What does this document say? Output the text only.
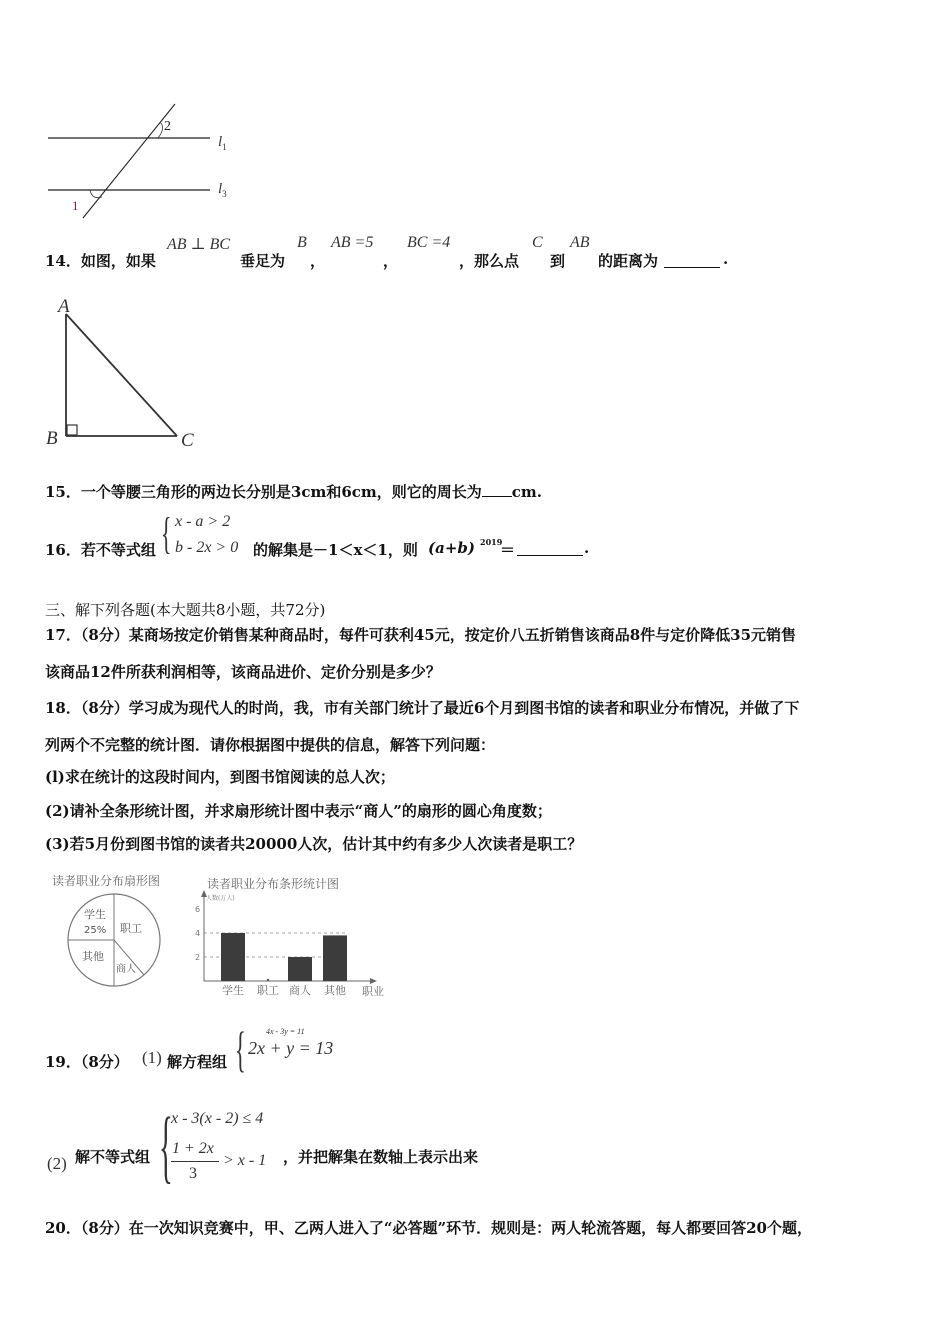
2
1
$l_1$
$l_3$
14．如图，如果
AB ⊥ BC
垂足为
B
，
AB =5
，
BC =4
，那么点
C
到
AB
的距离为	.
A
B	C
15．一个等腰三角形的两边长分别是3cm和6cm，则它的周长为 cm.
16．若不等式组 { x - a > 2
b - 2x > 0 的解集是－1＜x＜1，则 (a+b) 2019
＝	.
三、解下列各题(本大题共8小题，共72分)
17．（8分）某商场按定价销售某种商品时，每件可获利45元，按定价八五折销售该商品8件与定价降低35元销售
该商品12件所获利润相等，该商品进价、定价分别是多少？
18．（8分）学习成为现代人的时尚，我，市有关部门统计了最近6个月到图书馆的读者和职业分布情况，并做了下
列两个不完整的统计图．请你根据图中提供的信息，解答下列问题：
(l)求在统计的这段时间内，到图书馆阅读的总人次；
(2)请补全条形统计图，并求扇形统计图中表示“商人”的扇形的圆心角度数；
(3)若5月份到图书馆的读者共20000人次，估计其中约有多少人次读者是职工？
读者职业分布扇形图
学生
25% 职工
其他
商人
读者职业分布条形统计图
人数(万人)
职业
2
4
6
学生 职工 商人 其他
19．（8分） (1) 解方程组 {	4x - 3y = 11
2x + y = 13
(2) 解不等式组 {
x - 3(x - 2) ≤ 4
1 + 2x
3
> x - 1 ，并把解集在数轴上表示出来
20．（8分）在一次知识竞赛中，甲、乙两人进入了“必答题”环节．规则是：两人轮流答题，每人都要回答20个题，
